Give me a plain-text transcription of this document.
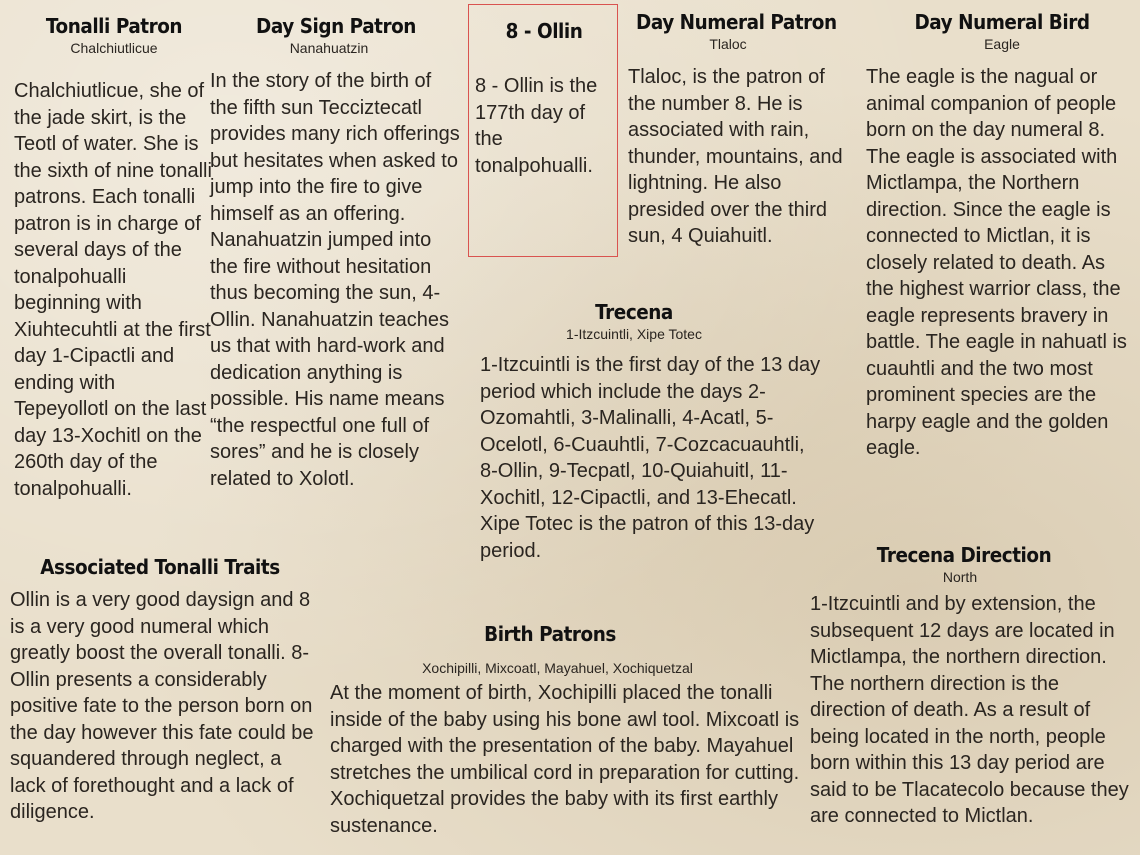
Tonalli Patron
Chalchiutlicue
Chalchiutlicue, she of the jade skirt, is the Teotl of water. She is the sixth of nine tonalli patrons. Each tonalli patron is in charge of several days of the tonalpohualli beginning with Xiuhtecuhtli at the first day 1-Cipactli and ending with Tepeyollotl on the last day 13-Xochitl on the 260th day of the tonalpohualli.
Day Sign Patron
Nanahuatzin
In the story of the birth of the fifth sun Tecciztecatl provides many rich offerings but hesitates when asked to jump into the fire to give himself as an offering. Nanahuatzin jumped into the fire without hesitation thus becoming the sun, 4-Ollin. Nanahuatzin teaches us that with hard-work and dedication anything is possible. His name means “the respectful one full of sores” and he is closely related to Xolotl.
8 - Ollin
8 - Ollin is the 177th day of the tonalpohualli.
Day Numeral Patron
Tlaloc
Tlaloc, is the patron of the number 8. He is associated with rain, thunder, mountains, and lightning. He also presided over the third sun, 4 Quiahuitl.
Day Numeral Bird
Eagle
The eagle is the nagual or animal companion of people born on the day numeral 8. The eagle is associated with Mictlampa, the Northern direction. Since the eagle is connected to Mictlan, it is closely related to death. As the highest warrior class, the eagle represents bravery in battle. The eagle in nahuatl is cuauhtli and the two most prominent species are the harpy eagle and the golden eagle.
Trecena
1-Itzcuintli, Xipe Totec
1-Itzcuintli is the first day of the 13 day period which include the days 2-Ozomahtli, 3-Malinalli, 4-Acatl, 5-Ocelotl, 6-Cuauhtli, 7-Cozcacuauhtli, 8-Ollin, 9-Tecpatl, 10-Quiahuitl, 11-Xochitl, 12-Cipactli, and 13-Ehecatl. Xipe Totec is the patron of this 13-day period.
Associated Tonalli Traits
Ollin is a very good daysign and 8 is a very good numeral which greatly boost the overall tonalli. 8-Ollin presents a considerably positive fate to the person born on the day however this fate could be squandered through neglect, a lack of forethought and a lack of diligence.
Birth Patrons
Xochipilli, Mixcoatl, Mayahuel, Xochiquetzal
At the moment of birth, Xochipilli placed the tonalli inside of the baby using his bone awl tool. Mixcoatl is charged with the presentation of the baby. Mayahuel stretches the umbilical cord in preparation for cutting. Xochiquetzal provides the baby with its first earthly sustenance.
Trecena Direction
North
1-Itzcuintli and by extension, the subsequent 12 days are located in Mictlampa, the northern direction. The northern direction is the direction of death. As a result of being located in the north, people born within this 13 day period are said to be Tlacatecolo because they are connected to Mictlan.
